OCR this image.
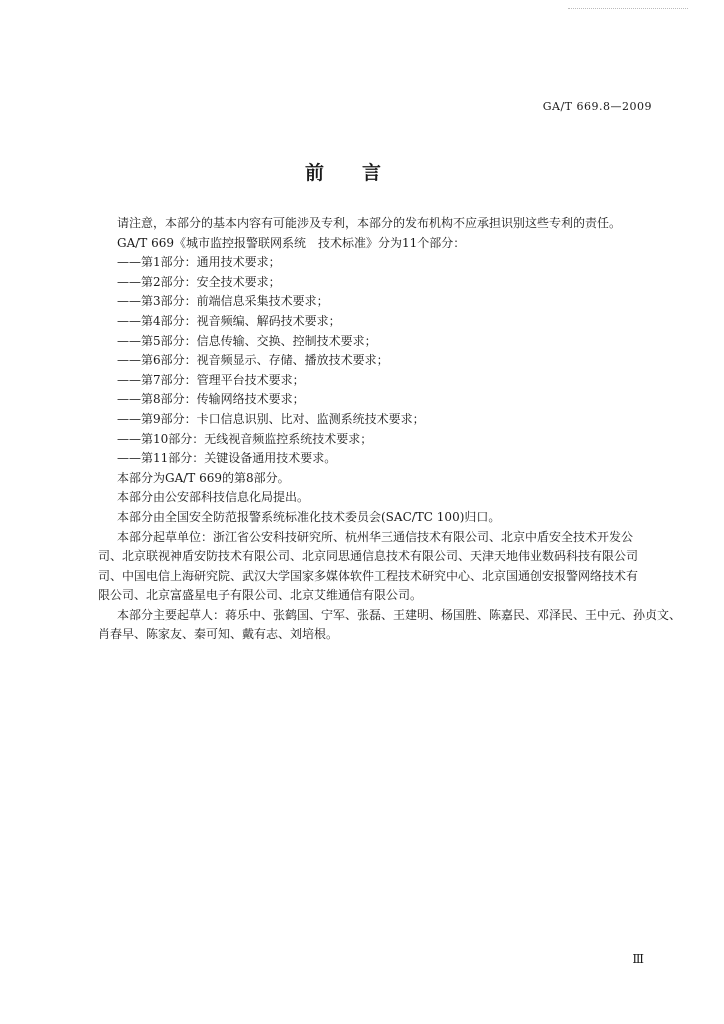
GA/T 669.8—2009
前言
请注意，本部分的基本内容有可能涉及专利，本部分的发布机构不应承担识别这些专利的责任。
GA/T 669《城市监控报警联网系统　技术标准》分为11个部分：
——第1部分：通用技术要求；
——第2部分：安全技术要求；
——第3部分：前端信息采集技术要求；
——第4部分：视音频编、解码技术要求；
——第5部分：信息传输、交换、控制技术要求；
——第6部分：视音频显示、存储、播放技术要求；
——第7部分：管理平台技术要求；
——第8部分：传输网络技术要求；
——第9部分：卡口信息识别、比对、监测系统技术要求；
——第10部分：无线视音频监控系统技术要求；
——第11部分：关键设备通用技术要求。
本部分为GA/T 669的第8部分。
本部分由公安部科技信息化局提出。
本部分由全国安全防范报警系统标准化技术委员会(SAC/TC 100)归口。
本部分起草单位：浙江省公安科技研究所、杭州华三通信技术有限公司、北京中盾安全技术开发公
司、北京联视神盾安防技术有限公司、北京同思通信息技术有限公司、天津天地伟业数码科技有限公司
司、中国电信上海研究院、武汉大学国家多媒体软件工程技术研究中心、北京国通创安报警网络技术有
限公司、北京富盛星电子有限公司、北京艾维通信有限公司。
本部分主要起草人：蒋乐中、张鹤国、宁军、张磊、王建明、杨国胜、陈嘉民、邓泽民、王中元、孙贞文、
肖春早、陈家友、秦可知、戴有志、刘培根。
Ⅲ
